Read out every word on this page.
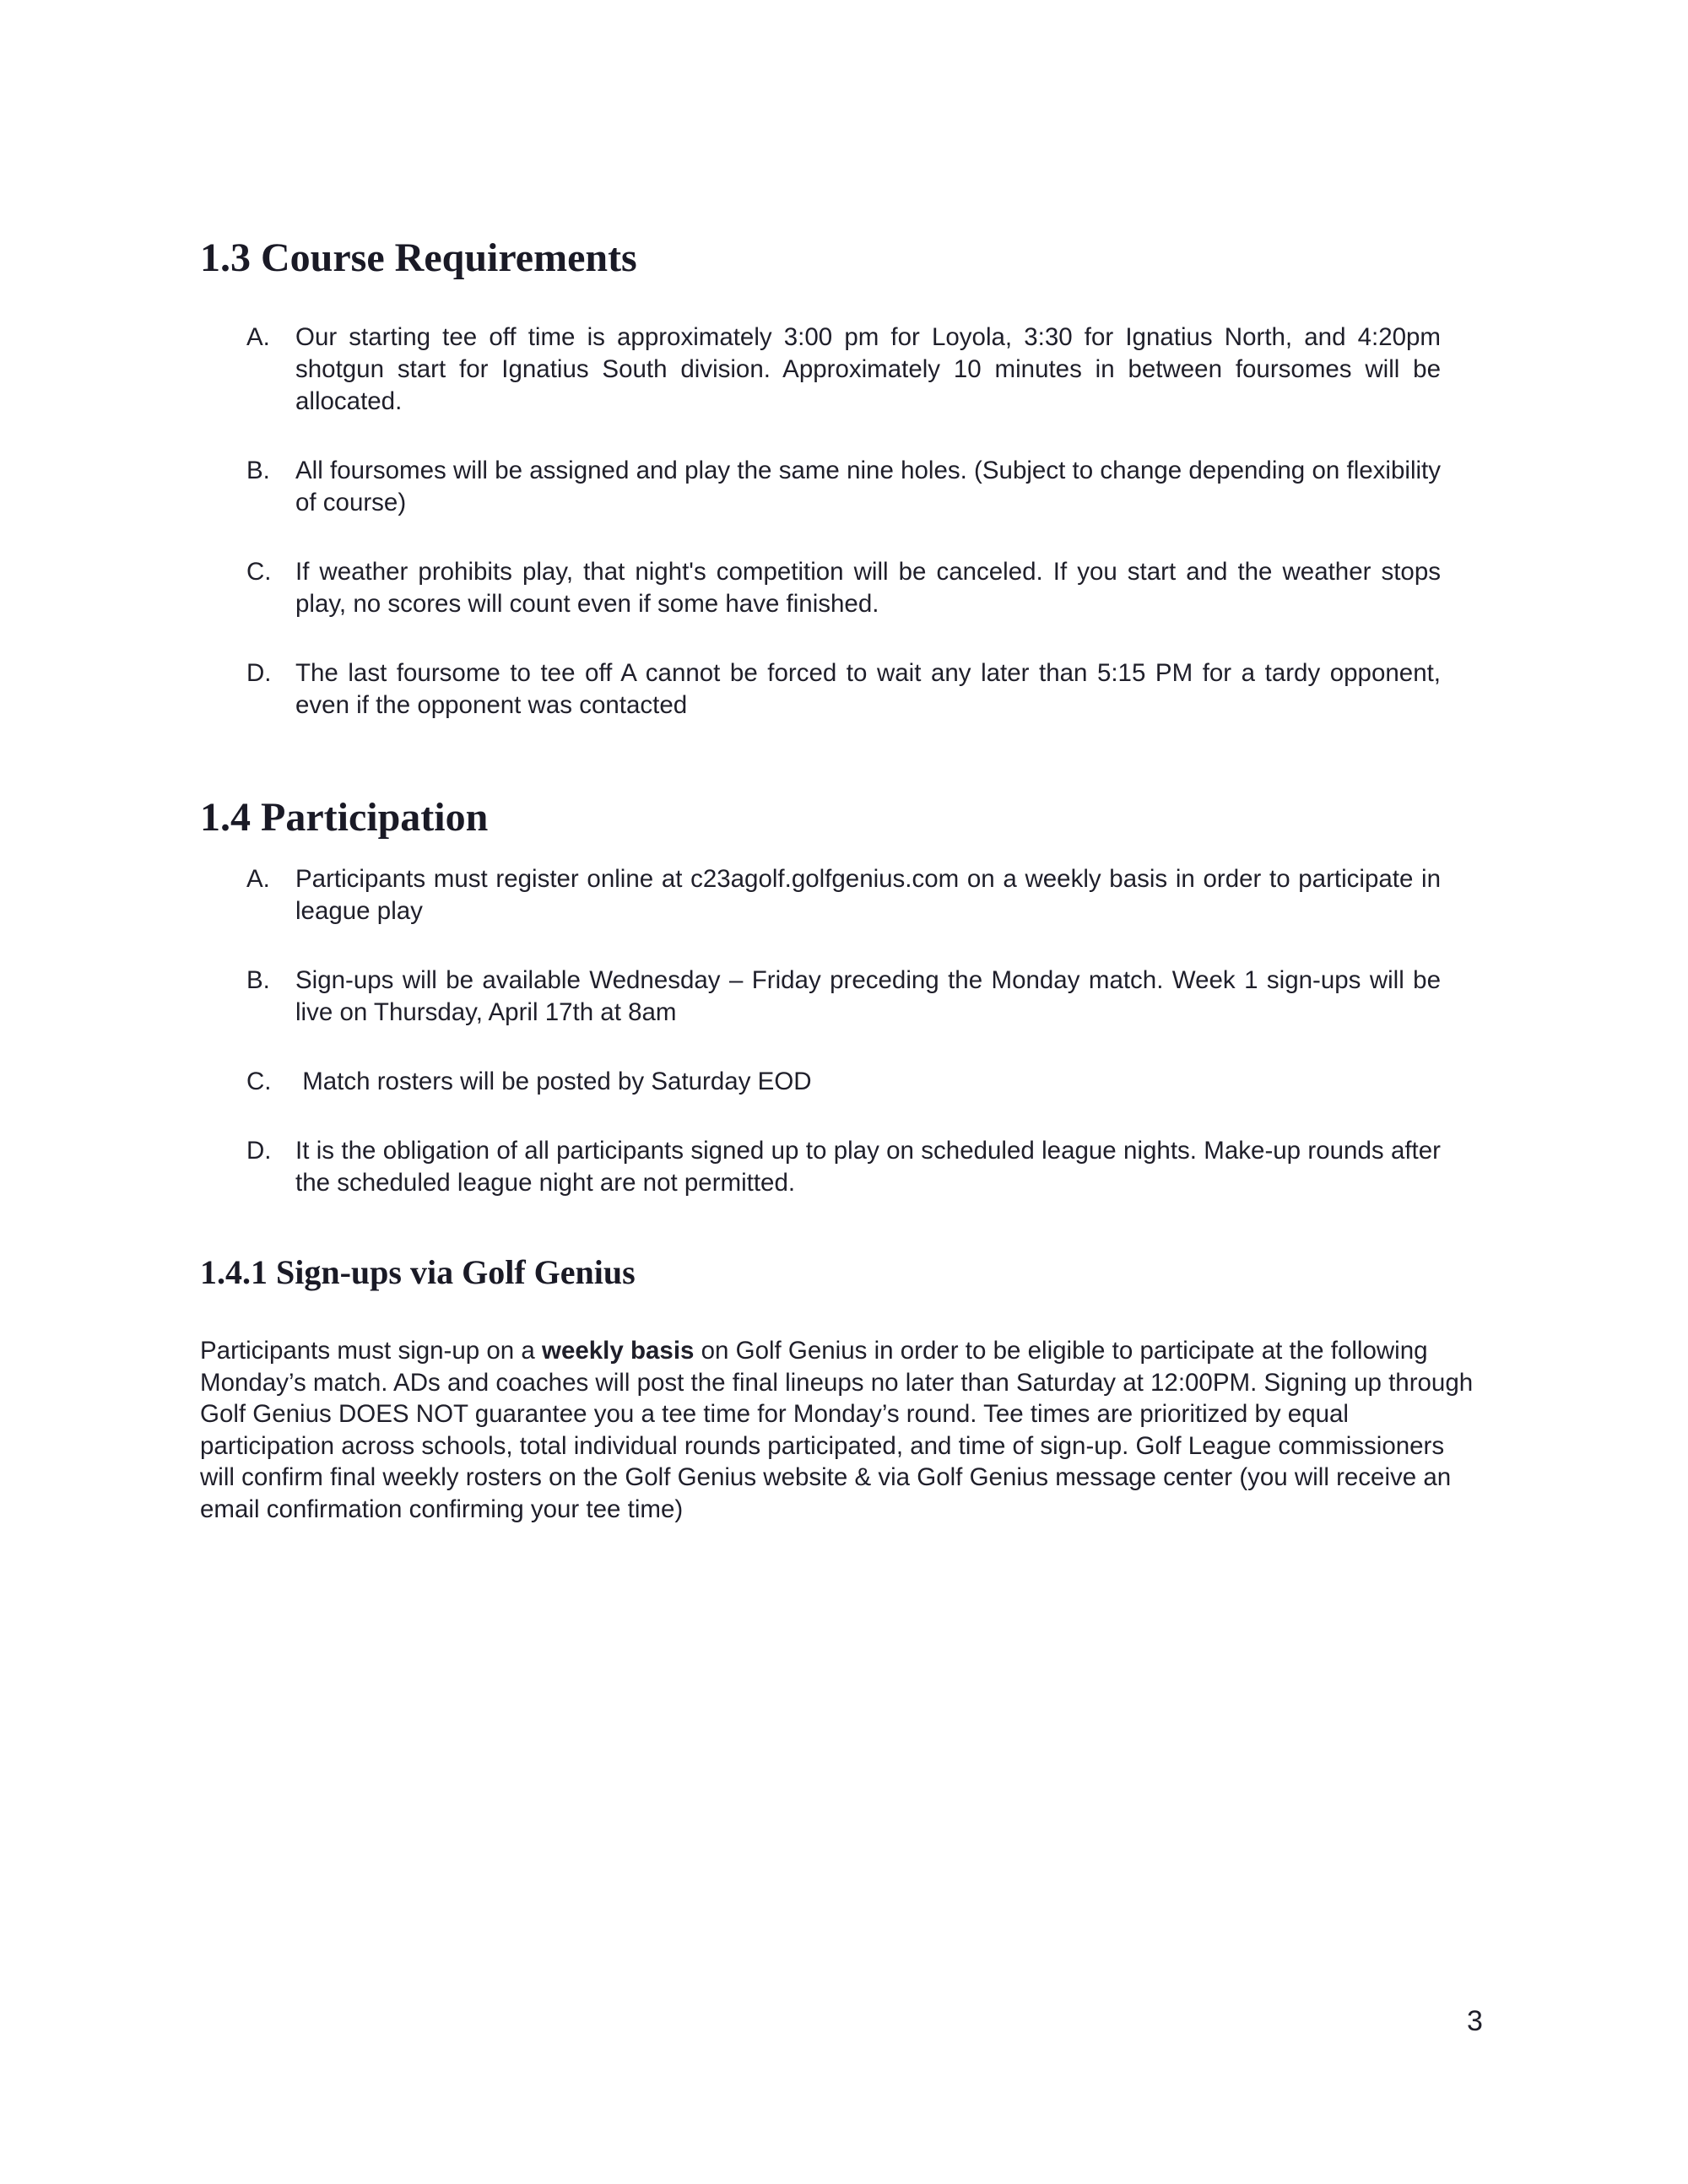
1.3 Course Requirements
A.	Our starting tee off time is approximately 3:00 pm for Loyola, 3:30 for Ignatius North, and 4:20pm shotgun start for Ignatius South division. Approximately 10 minutes in between foursomes will be allocated.
B.	All foursomes will be assigned and play the same nine holes. (Subject to change depending on flexibility of course)
C. If weather prohibits play, that night's competition will be canceled. If you start and the weather stops play, no scores will count even if some have finished.
D. The last foursome to tee off A cannot be forced to wait any later than 5:15 PM for a tardy opponent, even if the opponent was contacted
1.4 Participation
A.	Participants must register online at c23agolf.golfgenius.com on a weekly basis in order to participate in league play
B.	Sign-ups will be available Wednesday – Friday preceding the Monday match. Week 1 sign-ups will be live on Thursday, April 17th at 8am
C. Match rosters will be posted by Saturday EOD
D. It is the obligation of all participants signed up to play on scheduled league nights. Make-up rounds after the scheduled league night are not permitted.
1.4.1 Sign-ups via Golf Genius

Participants must sign-up on a weekly basis on Golf Genius in order to be eligible to participate at the following Monday’s match. ADs and coaches will post the final lineups no later than Saturday at 12:00PM. Signing up through Golf Genius DOES NOT guarantee you a tee time for Monday’s round. Tee times are prioritized by equal participation across schools, total individual rounds participated, and time of sign-up. Golf League commissioners will confirm final weekly rosters on the Golf Genius website & via Golf Genius message center (you will receive an email confirmation confirming your tee time)

3
